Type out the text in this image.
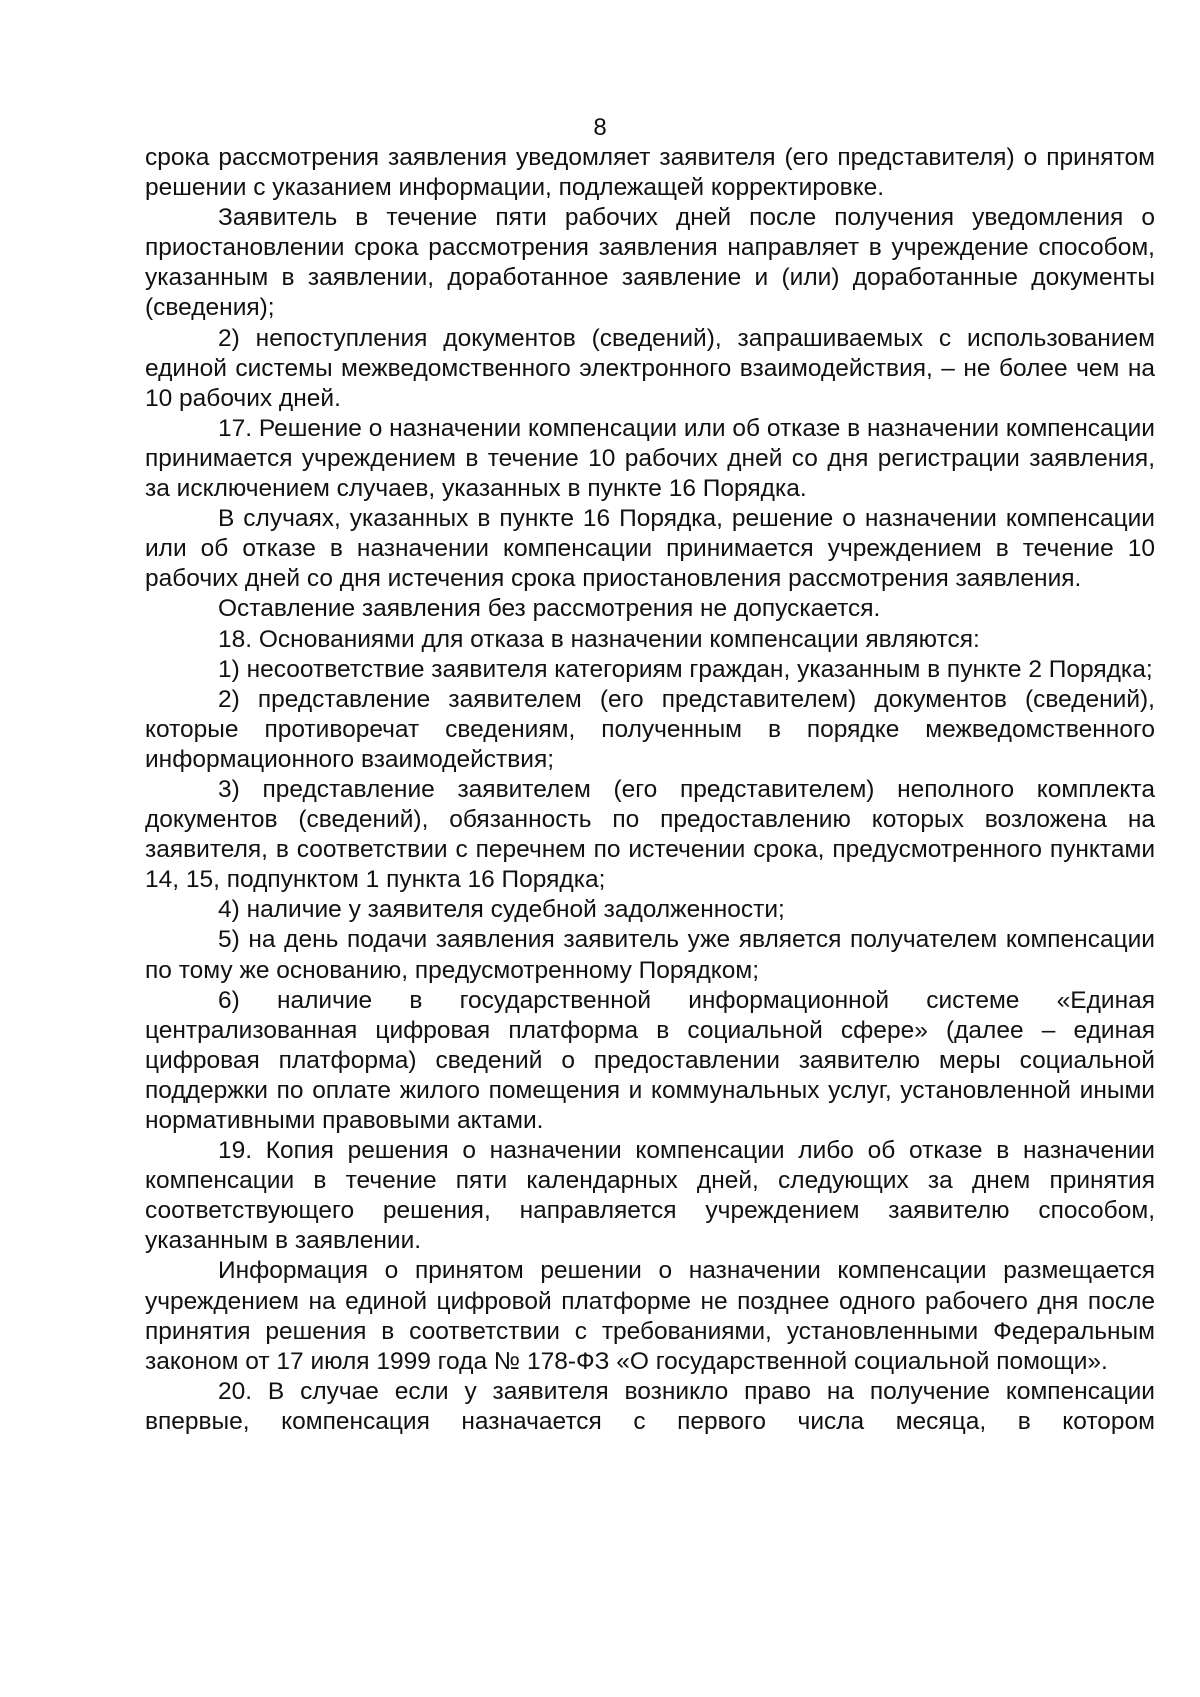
8

срока рассмотрения заявления уведомляет заявителя (его представителя) о принятом решении с указанием информации, подлежащей корректировке.

Заявитель в течение пяти рабочих дней после получения уведомления о приостановлении срока рассмотрения заявления направляет в учреждение способом, указанным в заявлении, доработанное заявление и (или) доработанные документы (сведения);

2) непоступления документов (сведений), запрашиваемых с использованием единой системы межведомственного электронного взаимодействия, – не более чем на 10 рабочих дней.

17. Решение о назначении компенсации или об отказе в назначении компенсации принимается учреждением в течение 10 рабочих дней со дня регистрации заявления, за исключением случаев, указанных в пункте 16 Порядка.

В случаях, указанных в пункте 16 Порядка, решение о назначении компенсации или об отказе в назначении компенсации принимается учреждением в течение 10 рабочих дней со дня истечения срока приостановления рассмотрения заявления.

Оставление заявления без рассмотрения не допускается.

18. Основаниями для отказа в назначении компенсации являются:

1) несоответствие заявителя категориям граждан, указанным в пункте 2 Порядка;

2) представление заявителем (его представителем) документов (сведений), которые противоречат сведениям, полученным в порядке межведомственного информационного взаимодействия;

3) представление заявителем (его представителем) неполного комплекта документов (сведений), обязанность по предоставлению которых возложена на заявителя, в соответствии с перечнем по истечении срока, предусмотренного пунктами 14, 15, подпунктом 1 пункта 16 Порядка;

4) наличие у заявителя судебной задолженности;

5) на день подачи заявления заявитель уже является получателем компенсации по тому же основанию, предусмотренному Порядком;

6) наличие в государственной информационной системе «Единая централизованная цифровая платформа в социальной сфере» (далее – единая цифровая платформа) сведений о предоставлении заявителю меры социальной поддержки по оплате жилого помещения и коммунальных услуг, установленной иными нормативными правовыми актами.

19. Копия решения о назначении компенсации либо об отказе в назначении компенсации в течение пяти календарных дней, следующих за днем принятия соответствующего решения, направляется учреждением заявителю способом, указанным в заявлении.

Информация о принятом решении о назначении компенсации размещается учреждением на единой цифровой платформе не позднее одного рабочего дня после принятия решения в соответствии с требованиями, установленными Федеральным законом от 17 июля 1999 года № 178-ФЗ «О государственной социальной помощи».

20. В случае если у заявителя возникло право на получение компенсации впервые, компенсация назначается с первого числа месяца, в котором
